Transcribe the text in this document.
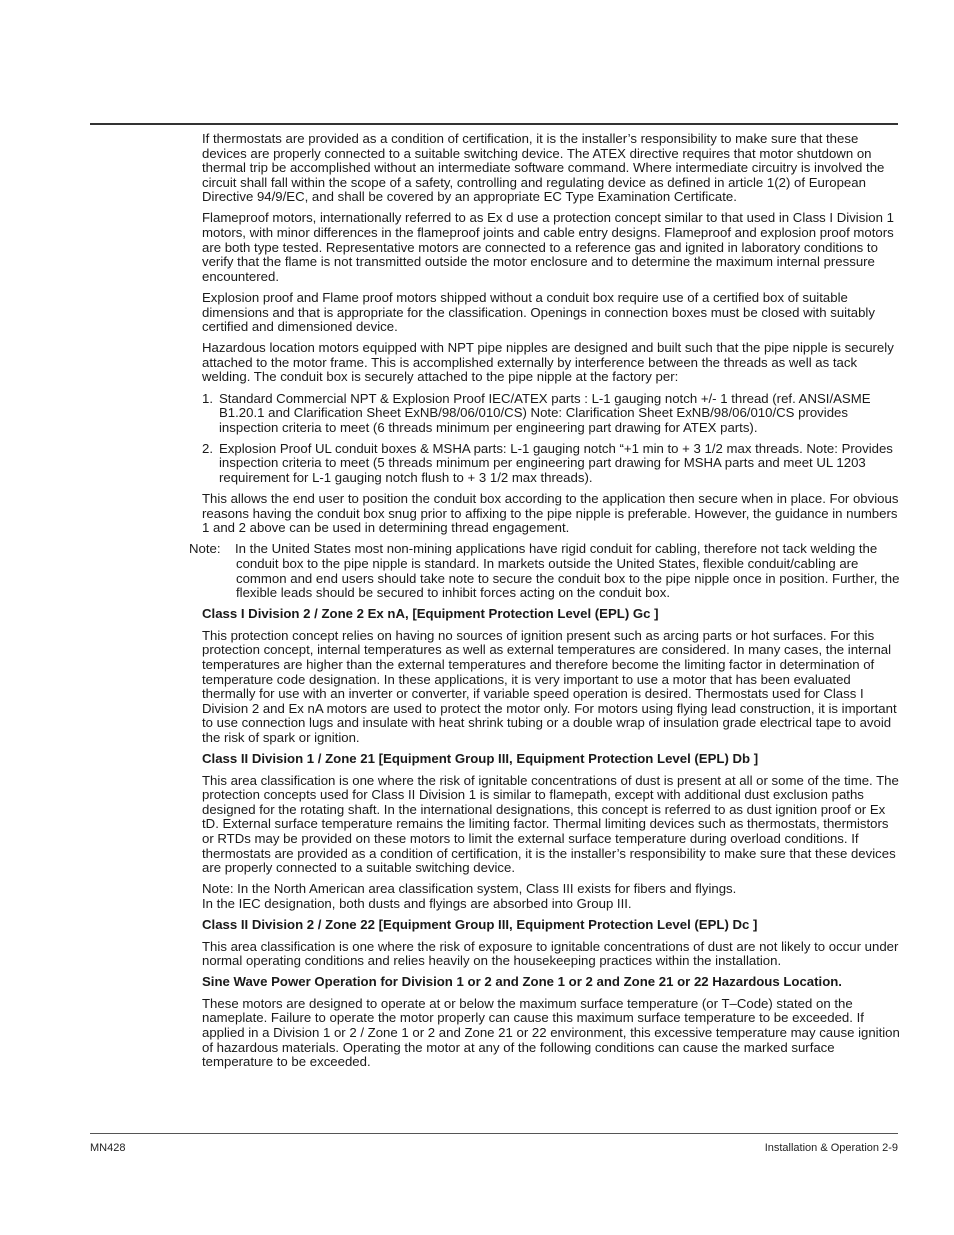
If thermostats are provided as a condition of certification, it is the installer’s responsibility to make sure that these devices are properly connected to a suitable switching device. The ATEX directive requires that motor shutdown on thermal trip be accomplished without an intermediate software command. Where intermediate circuitry is involved the circuit shall fall within the scope of a safety, controlling and regulating device as defined in article 1(2) of European Directive 94/9/EC, and shall be covered by an appropriate EC Type Examination Certificate.

Flameproof motors, internationally referred to as Ex d use a protection concept similar to that used in Class I Division 1 motors, with minor differences in the flameproof joints and cable entry designs. Flameproof and explosion proof motors are both type tested. Representative motors are connected to a reference gas and ignited in laboratory conditions to verify that the flame is not transmitted outside the motor enclosure and to determine the maximum internal pressure encountered.

Explosion proof and Flame proof motors shipped without a conduit box require use of a certified box of suitable dimensions and that is appropriate for the classification. Openings in connection boxes must be closed with suitably certified and dimensioned device.

Hazardous location motors equipped with NPT pipe nipples are designed and built such that the pipe nipple is securely attached to the motor frame. This is accomplished externally by interference between the threads as well as tack welding. The conduit box is securely attached to the pipe nipple at the factory per:

1. Standard Commercial NPT & Explosion Proof IEC/ATEX parts : L-1 gauging notch +/- 1 thread (ref. ANSI/ASME B1.20.1 and Clarification Sheet ExNB/98/06/010/CS) Note: Clarification Sheet ExNB/98/06/010/CS provides inspection criteria to meet (6 threads minimum per engineering part drawing for ATEX parts).
2. Explosion Proof UL conduit boxes & MSHA parts: L-1 gauging notch “+1 min to + 3 1/2 max threads. Note: Provides inspection criteria to meet (5 threads minimum per engineering part drawing for MSHA parts and meet UL 1203 requirement for L-1 gauging notch flush to + 3 1/2 max threads).

This allows the end user to position the conduit box according to the application then secure when in place. For obvious reasons having the conduit box snug prior to affixing to the pipe nipple is preferable. However, the guidance in numbers 1 and 2 above can be used in determining thread engagement.

Note: In the United States most non-mining applications have rigid conduit for cabling, therefore not tack welding the conduit box to the pipe nipple is standard. In markets outside the United States, flexible conduit/cabling are common and end users should take note to secure the conduit box to the pipe nipple once in position. Further, the flexible leads should be secured to inhibit forces acting on the conduit box.

Class I Division 2 / Zone 2 Ex nA, [Equipment Protection Level (EPL) Gc ]

This protection concept relies on having no sources of ignition present such as arcing parts or hot surfaces. For this protection concept, internal temperatures as well as external temperatures are considered. In many cases, the internal temperatures are higher than the external temperatures and therefore become the limiting factor in determination of temperature code designation. In these applications, it is very important to use a motor that has been evaluated thermally for use with an inverter or converter, if variable speed operation is desired. Thermostats used for Class I Division 2 and Ex nA motors are used to protect the motor only. For motors using flying lead construction, it is important to use connection lugs and insulate with heat shrink tubing or a double wrap of insulation grade electrical tape to avoid the risk of spark or ignition.

Class II Division 1 / Zone 21 [Equipment Group III, Equipment Protection Level (EPL) Db ]

This area classification is one where the risk of ignitable concentrations of dust is present at all or some of the time. The protection concepts used for Class II Division 1 is similar to flamepath, except with additional dust exclusion paths designed for the rotating shaft. In the international designations, this concept is referred to as dust ignition proof or Ex tD. External surface temperature remains the limiting factor. Thermal limiting devices such as thermostats, thermistors or RTDs may be provided on these motors to limit the external surface temperature during overload conditions. If thermostats are provided as a condition of certification, it is the installer’s responsibility to make sure that these devices are properly connected to a suitable switching device.

Note: In the North American area classification system, Class III exists for fibers and flyings.
In the IEC designation, both dusts and flyings are absorbed into Group III.

Class II Division 2 / Zone 22 [Equipment Group III, Equipment Protection Level (EPL) Dc ]

This area classification is one where the risk of exposure to ignitable concentrations of dust are not likely to occur under normal operating conditions and relies heavily on the housekeeping practices within the installation.

Sine Wave Power Operation for Division 1 or 2 and Zone 1 or 2 and Zone 21 or 22 Hazardous Location.

These motors are designed to operate at or below the maximum surface temperature (or T–Code) stated on the nameplate. Failure to operate the motor properly can cause this maximum surface temperature to be exceeded. If applied in a Division 1 or 2 / Zone 1 or 2 and Zone 21 or 22 environment, this excessive temperature may cause ignition of hazardous materials. Operating the motor at any of the following conditions can cause the marked surface temperature to be exceeded.

MN428	Installation & Operation 2-9
